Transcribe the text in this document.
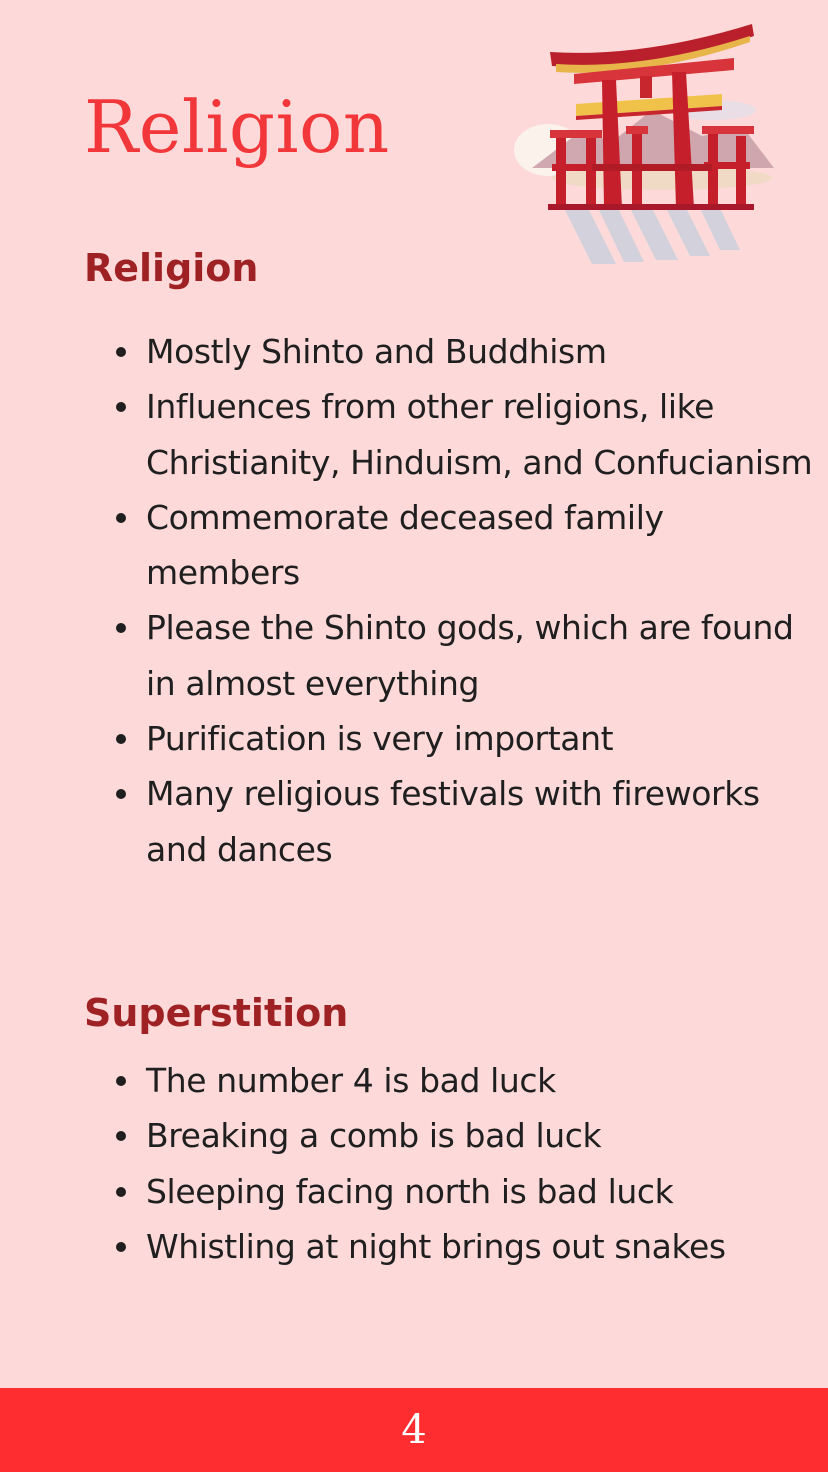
Religion
Religion
Mostly Shinto and Buddhism
Influences from other religions, like Christianity, Hinduism, and Confucianism
Commemorate deceased family members
Please the Shinto gods, which are found in almost everything
Purification is very important
Many religious festivals with fireworks and dances
Superstition
The number 4 is bad luck
Breaking a comb is bad luck
Sleeping facing north is bad luck
Whistling at night brings out snakes
4
